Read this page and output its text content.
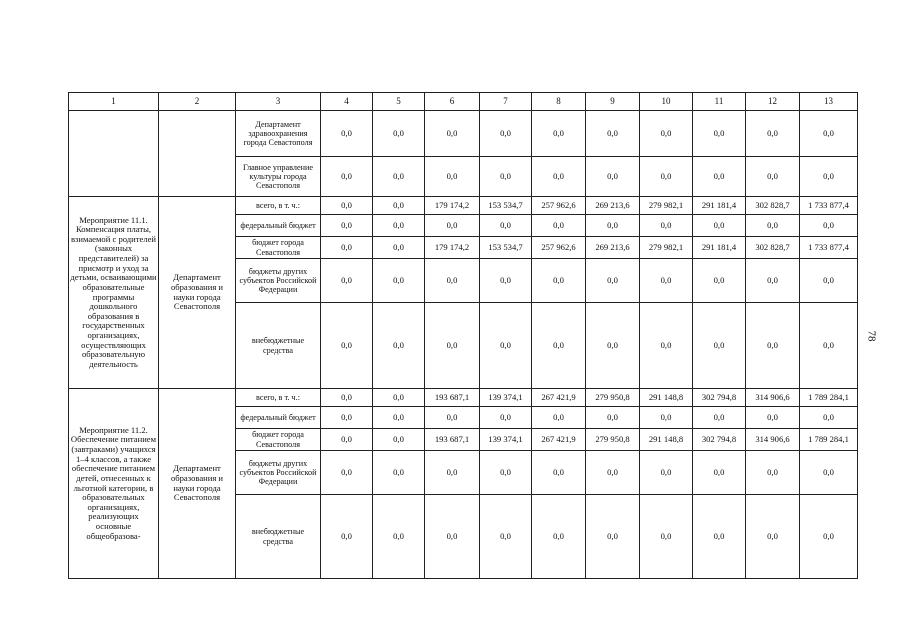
1	2	3	4	5	6	7	8	9	10	11	12	13
		Департамент здравоохранения города Севастополя	0,0	0,0	0,0	0,0	0,0	0,0	0,0	0,0	0,0	0,0
		Главное управление культуры города Севастополя	0,0	0,0	0,0	0,0	0,0	0,0	0,0	0,0	0,0	0,0
Мероприятие 11.1. Компенсация платы, взимаемой с родителей (законных представителей) за присмотр и уход за детьми, осваивающими образовательные программы дошкольного образования в государственных организациях, осуществляющих образовательную деятельность	Департамент образования и науки города Севастополя	всего, в т. ч.:	0,0	0,0	179 174,2	153 534,7	257 962,6	269 213,6	279 982,1	291 181,4	302 828,7	1 733 877,4
		федеральный бюджет	0,0	0,0	0,0	0,0	0,0	0,0	0,0	0,0	0,0	0,0
		бюджет города Севастополя	0,0	0,0	179 174,2	153 534,7	257 962,6	269 213,6	279 982,1	291 181,4	302 828,7	1 733 877,4
		бюджеты других субъектов Российской Федерации	0,0	0,0	0,0	0,0	0,0	0,0	0,0	0,0	0,0	0,0
		внебюджетные средства	0,0	0,0	0,0	0,0	0,0	0,0	0,0	0,0	0,0	0,0
Мероприятие 11.2. Обеспечение питанием (завтраками) учащихся 1–4 классов, а также обеспечение питанием детей, отнесенных к льготной категории, в образовательных организациях, реализующих основные общеобразова-	Департамент образования и науки города Севастополя	всего, в т. ч.:	0,0	0,0	193 687,1	139 374,1	267 421,9	279 950,8	291 148,8	302 794,8	314 906,6	1 789 284,1
		федеральный бюджет	0,0	0,0	0,0	0,0	0,0	0,0	0,0	0,0	0,0	0,0
		бюджет города Севастополя	0,0	0,0	193 687,1	139 374,1	267 421,9	279 950,8	291 148,8	302 794,8	314 906,6	1 789 284,1
		бюджеты других субъектов Российской Федерации	0,0	0,0	0,0	0,0	0,0	0,0	0,0	0,0	0,0	0,0
		внебюджетные средства	0,0	0,0	0,0	0,0	0,0	0,0	0,0	0,0	0,0	0,0
78
